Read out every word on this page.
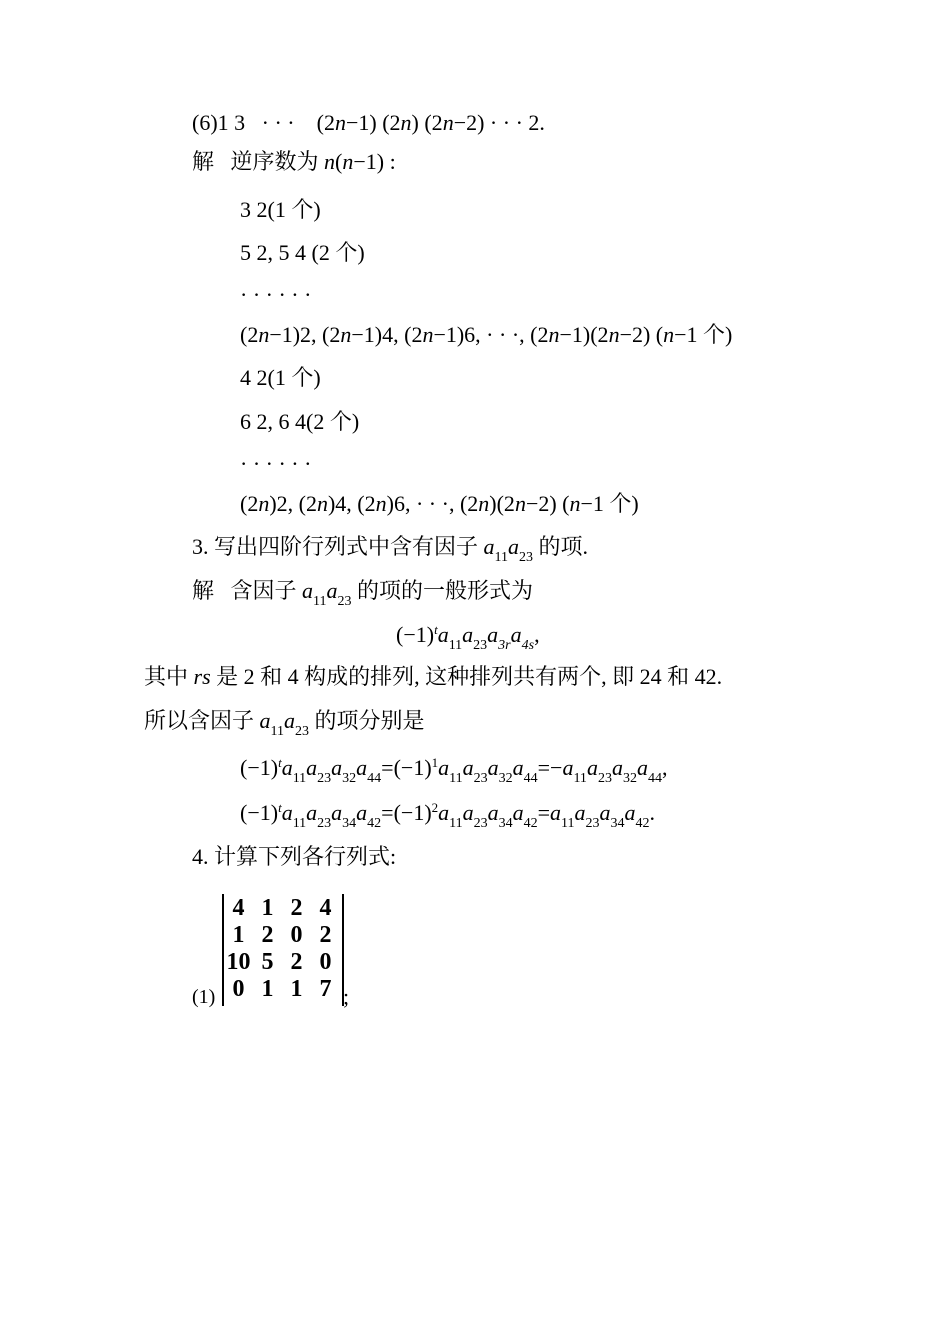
(6)1 3 · · · (2n−1) (2n) (2n−2) · · · 2.
解 逆序数为 n(n−1) :
3 2(1 个)
5 2, 5 4 (2 个)
· · · · · ·
(2n−1)2, (2n−1)4, (2n−1)6, · · ·, (2n−1)(2n−2) (n−1 个)
4 2(1 个)
6 2, 6 4(2 个)
· · · · · ·
(2n)2, (2n)4, (2n)6, · · ·, (2n)(2n−2) (n−1 个)
3. 写出四阶行列式中含有因子 $a_{11}a_{23}$ 的项.
解 含因子 $a_{11}a_{23}$ 的项的一般形式为
$(-1)^ta_{11}a_{23}a_{3r}a_{4s}$,
其中 rs 是 2 和 4 构成的排列, 这种排列共有两个, 即 24 和 42.
所以含因子 $a_{11}a_{23}$ 的项分别是
$(-1)^ta_{11}a_{23}a_{32}a_{44}=(-1)^1a_{11}a_{23}a_{32}a_{44}=-a_{11}a_{23}a_{32}a_{44}$,
$(-1)^ta_{11}a_{23}a_{34}a_{42}=(-1)^2a_{11}a_{23}a_{34}a_{42}=a_{11}a_{23}a_{34}a_{42}$.
4. 计算下列各行列式:
(1)
4 1 2 4
1 2 0 2
10 5 2 0
0 1 1 7 ;
